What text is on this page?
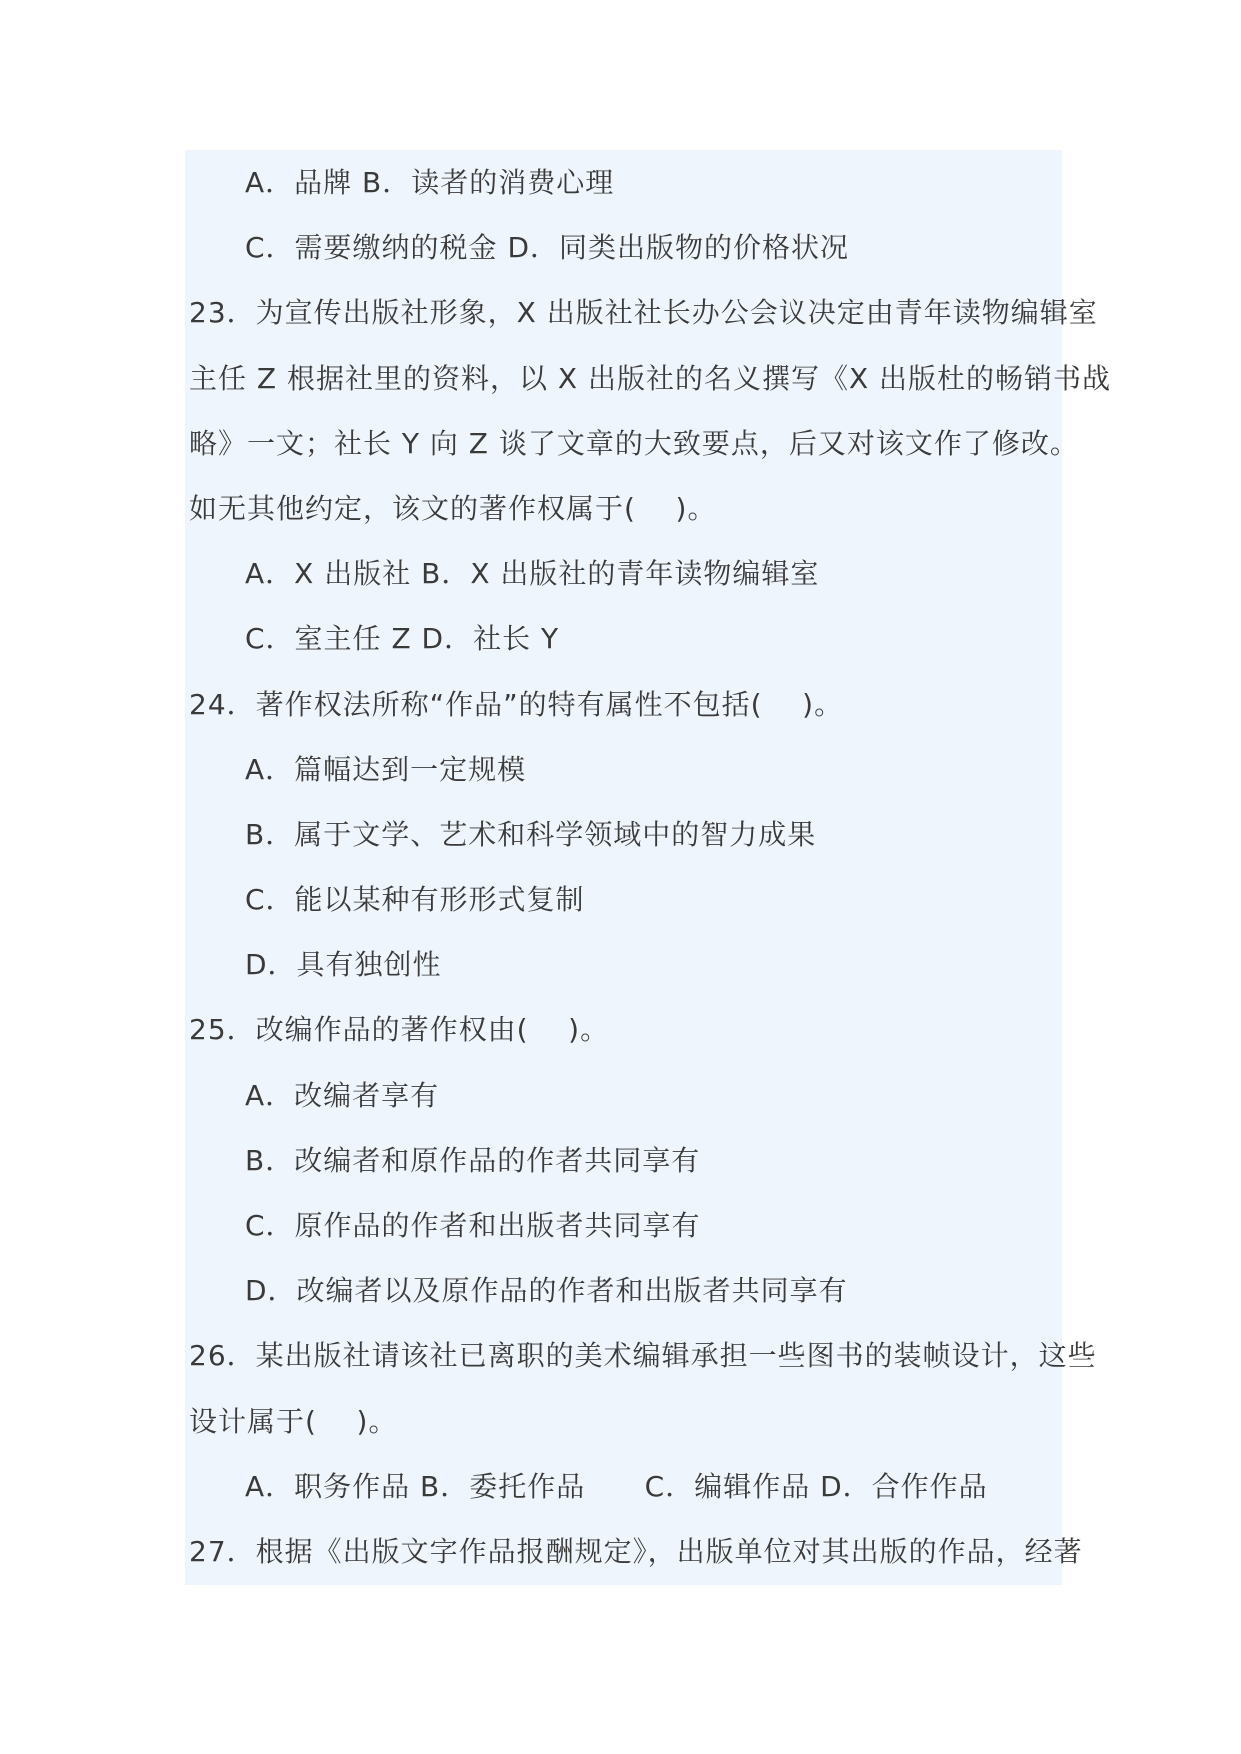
A．品牌 B．读者的消费心理
C．需要缴纳的税金 D．同类出版物的价格状况
23．为宣传出版社形象，X 出版社社长办公会议决定由青年读物编辑室
主任 Z 根据社里的资料，以 X 出版社的名义撰写《X 出版杜的畅销书战
略》一文；社长 Y 向 Z 谈了文章的大致要点，后又对该文作了修改。
如无其他约定，该文的著作权属于(    )。
A．X 出版社 B．X 出版社的青年读物编辑室
C．室主任 Z D．社长 Y
24．著作权法所称“作品”的特有属性不包括(    )。
A．篇幅达到一定规模
B．属于文学、艺术和科学领域中的智力成果
C．能以某种有形形式复制
D．具有独创性
25．改编作品的著作权由(    )。
A．改编者享有
B．改编者和原作品的作者共同享有
C．原作品的作者和出版者共同享有
D．改编者以及原作品的作者和出版者共同享有
26．某出版社请该社已离职的美术编辑承担一些图书的装帧设计，这些
设计属于(    )。
A．职务作品 B．委托作品      C．编辑作品 D．合作作品
27．根据《出版文字作品报酬规定》，出版单位对其出版的作品，经著
